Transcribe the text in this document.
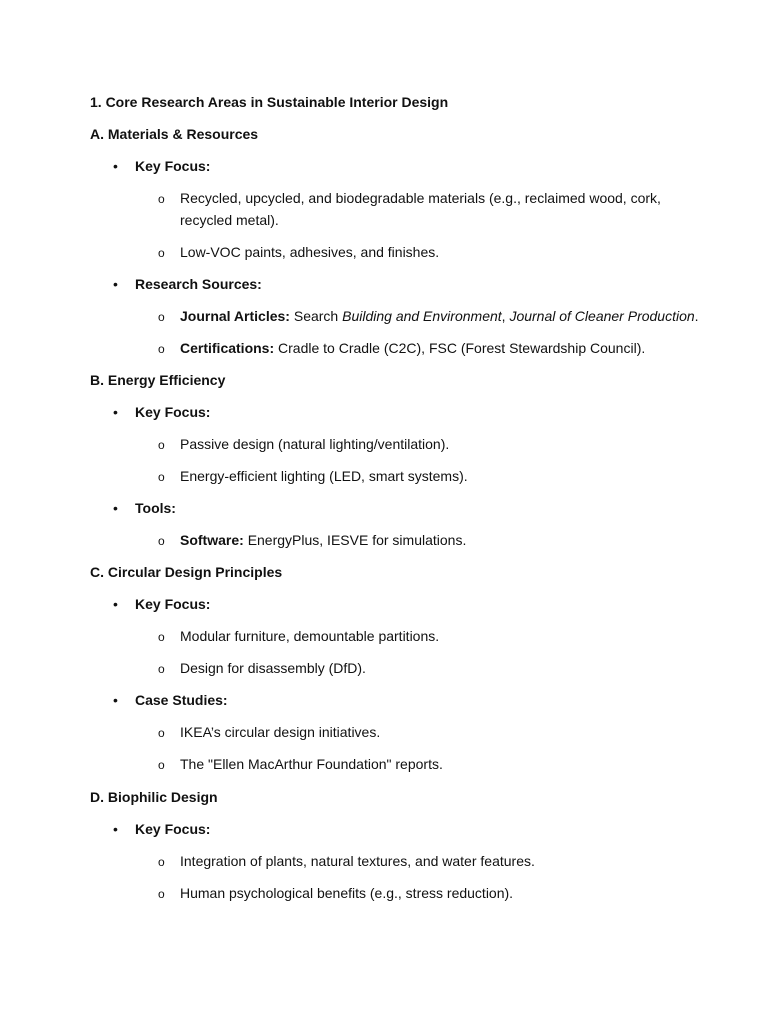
1. Core Research Areas in Sustainable Interior Design
A. Materials & Resources
• Key Focus:
o Recycled, upcycled, and biodegradable materials (e.g., reclaimed wood, cork,
recycled metal).
o Low-VOC paints, adhesives, and finishes.
• Research Sources:
o Journal Articles: Search Building and Environment, Journal of Cleaner Production.
o Certifications: Cradle to Cradle (C2C), FSC (Forest Stewardship Council).
B. Energy Efficiency
• Key Focus:
o Passive design (natural lighting/ventilation).
o Energy-efficient lighting (LED, smart systems).
• Tools:
o Software: EnergyPlus, IESVE for simulations.
C. Circular Design Principles
• Key Focus:
o Modular furniture, demountable partitions.
o Design for disassembly (DfD).
• Case Studies:
o IKEA’s circular design initiatives.
o The "Ellen MacArthur Foundation" reports.
D. Biophilic Design
• Key Focus:
o Integration of plants, natural textures, and water features.
o Human psychological benefits (e.g., stress reduction).
